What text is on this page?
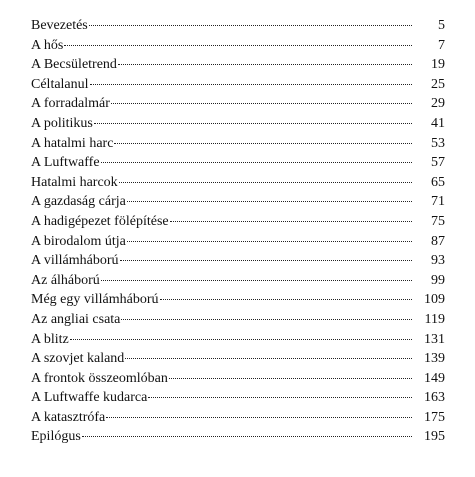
Bevezetés	5
A hős	7
A Becsületrend	19
Céltalanul	25
A forradalmár	29
A politikus	41
A hatalmi harc	53
A Luftwaffe	57
Hatalmi harcok	65
A gazdaság cárja	71
A hadigépezet fölépítése	75
A birodalom útja	87
A villámháború	93
Az álháború	99
Még egy villámháború	109
Az angliai csata	119
A blitz	131
A szovjet kaland	139
A frontok összeomlóban	149
A Luftwaffe kudarca	163
A katasztrófa	175
Epilógus	195
